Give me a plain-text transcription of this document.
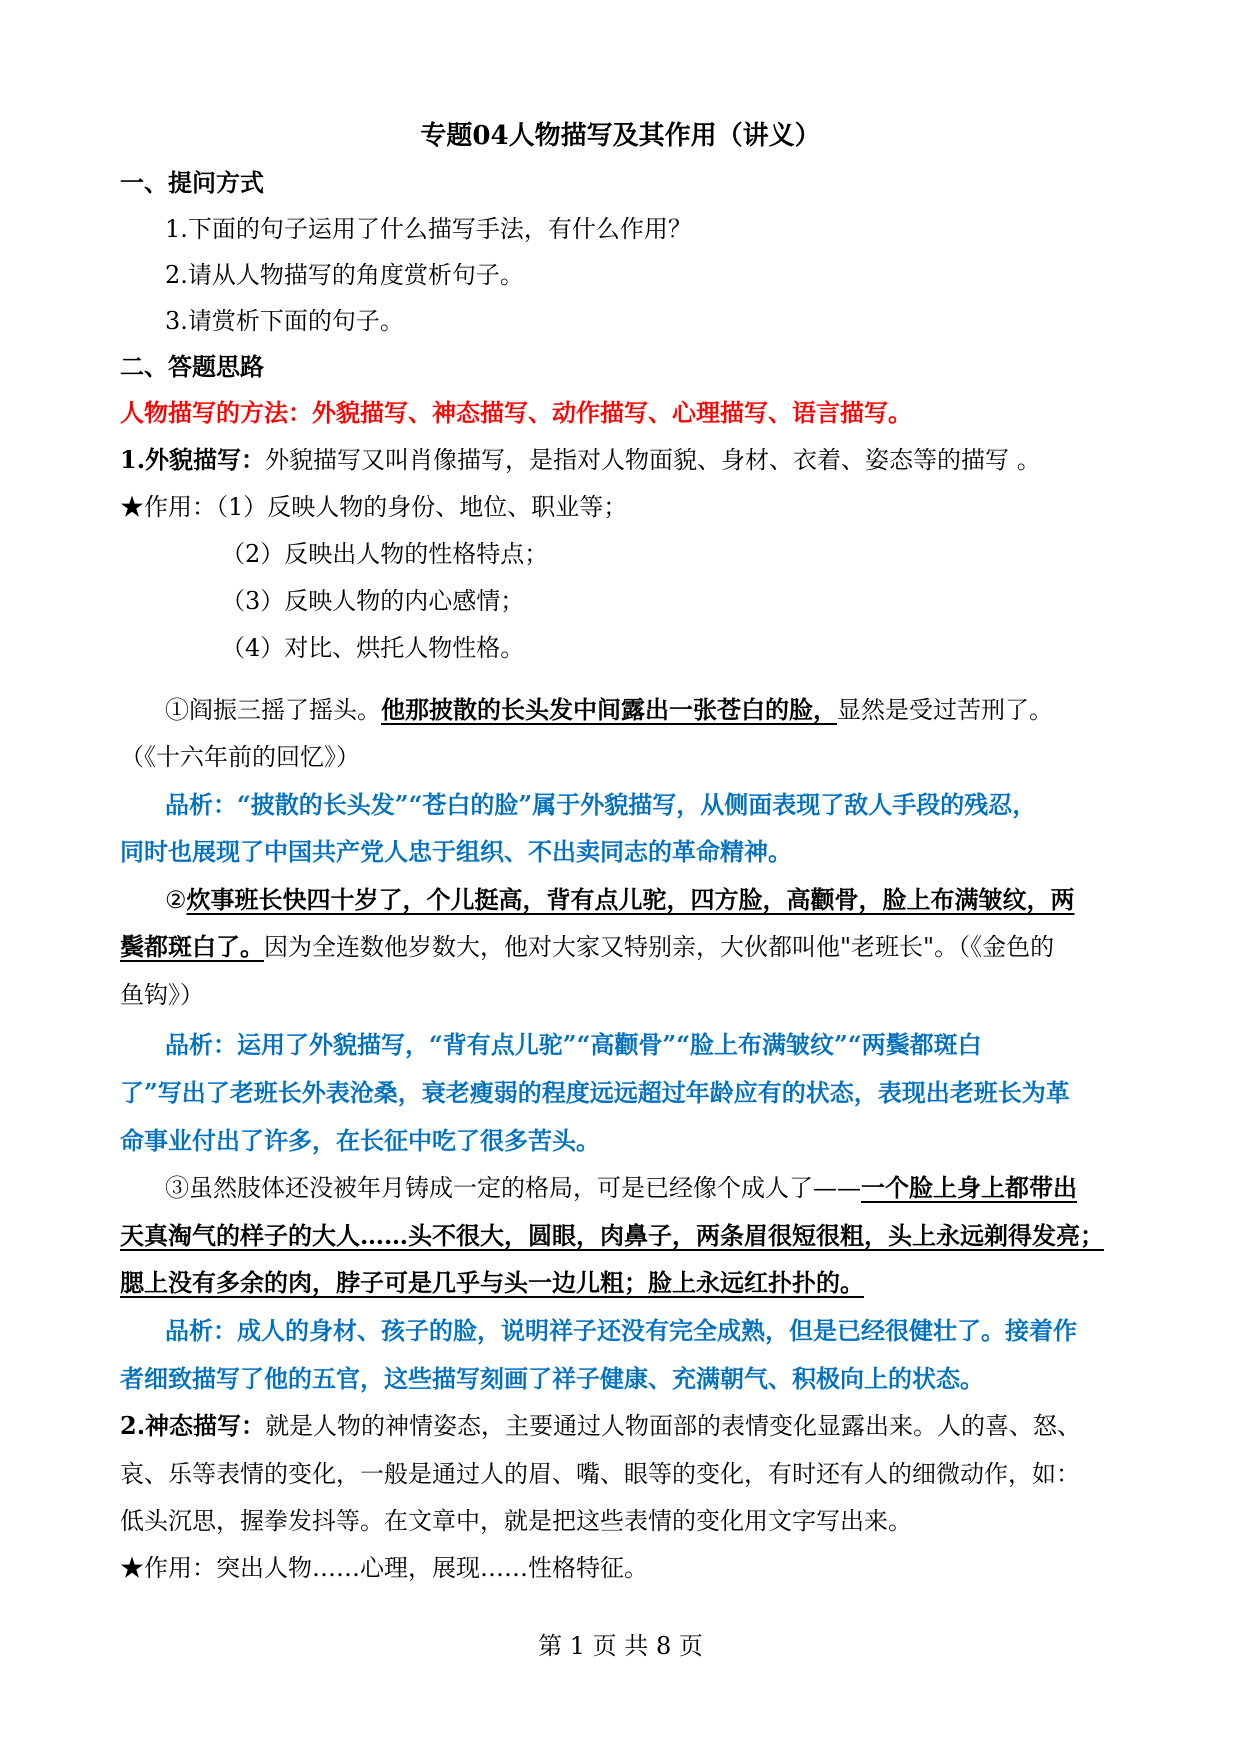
专题04人物描写及其作用（讲义）
一、提问方式
1.下面的句子运用了什么描写手法，有什么作用？
2.请从人物描写的角度赏析句子。
3.请赏析下面的句子。
二、答题思路
人物描写的方法：外貌描写、神态描写、动作描写、心理描写、语言描写。
1.外貌描写：外貌描写又叫肖像描写，是指对人物面貌、身材、衣着、姿态等的描写 。
★作用：（1）反映人物的身份、地位、职业等；
（2）反映出人物的性格特点；
（3）反映人物的内心感情；
（4）对比、烘托人物性格。
①阎振三摇了摇头。他那披散的长头发中间露出一张苍白的脸，显然是受过苦刑了。
（《十六年前的回忆》）
品析：“披散的长头发”“苍白的脸”属于外貌描写，从侧面表现了敌人手段的残忍，
同时也展现了中国共产党人忠于组织、不出卖同志的革命精神。
②炊事班长快四十岁了，个儿挺高，背有点儿驼，四方脸，高颧骨，脸上布满皱纹，两
鬓都斑白了。因为全连数他岁数大，他对大家又特别亲，大伙都叫他"老班长"。（《金色的
鱼钩》）
品析：运用了外貌描写，“背有点儿驼”“高颧骨”“脸上布满皱纹”“两鬓都斑白
了”写出了老班长外表沧桑，衰老瘦弱的程度远远超过年龄应有的状态，表现出老班长为革
命事业付出了许多，在长征中吃了很多苦头。
③虽然肢体还没被年月铸成一定的格局，可是已经像个成人了——一个脸上身上都带出
天真淘气的样子的大人……头不很大，圆眼，肉鼻子，两条眉很短很粗，头上永远剃得发亮；
腮上没有多余的肉，脖子可是几乎与头一边儿粗；脸上永远红扑扑的。
品析：成人的身材、孩子的脸，说明祥子还没有完全成熟，但是已经很健壮了。接着作
者细致描写了他的五官，这些描写刻画了祥子健康、充满朝气、积极向上的状态。
2.神态描写：就是人物的神情姿态，主要通过人物面部的表情变化显露出来。人的喜、怒、
哀、乐等表情的变化，一般是通过人的眉、嘴、眼等的变化，有时还有人的细微动作，如：
低头沉思，握拳发抖等。在文章中，就是把这些表情的变化用文字写出来。
★作用：突出人物……心理，展现……性格特征。
第 1 页 共 8 页
